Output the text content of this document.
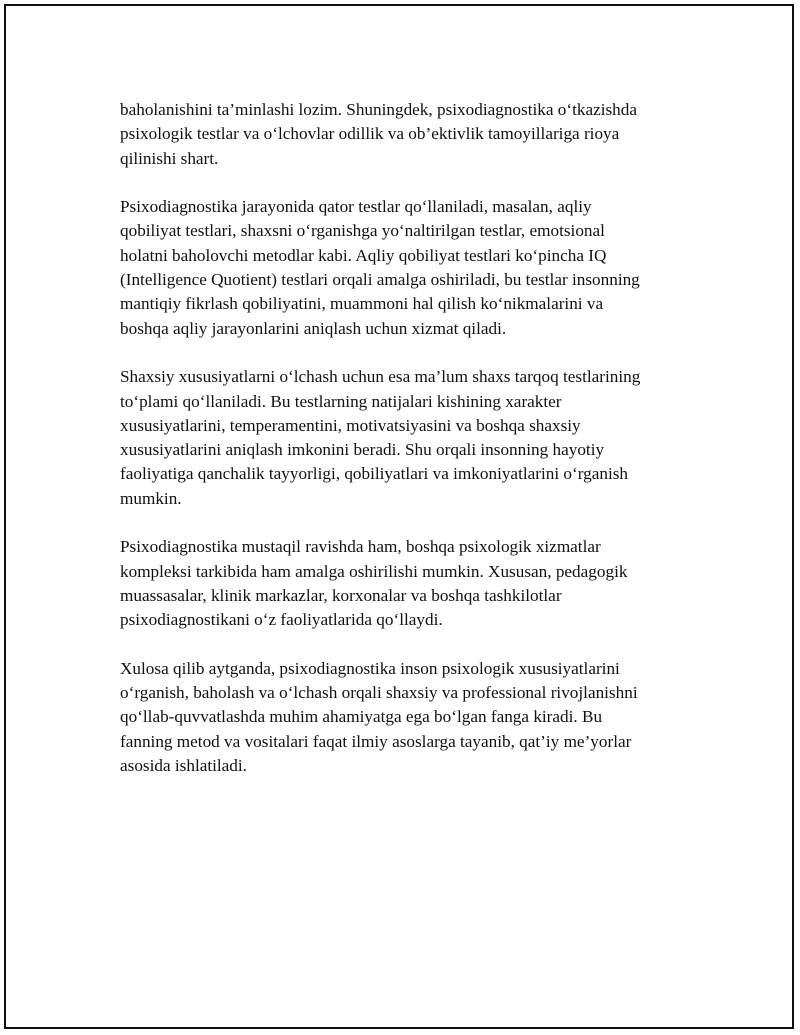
baholanishini ta’minlashi lozim. Shuningdek, psixodiagnostika o‘tkazishda
psixologik testlar va o‘lchovlar odillik va ob’ektivlik tamoyillariga rioya
qilinishi shart.

Psixodiagnostika jarayonida qator testlar qo‘llaniladi, masalan, aqliy
qobiliyat testlari, shaxsni o‘rganishga yo‘naltirilgan testlar, emotsional
holatni baholovchi metodlar kabi. Aqliy qobiliyat testlari ko‘pincha IQ
(Intelligence Quotient) testlari orqali amalga oshiriladi, bu testlar insonning
mantiqiy fikrlash qobiliyatini, muammoni hal qilish ko‘nikmalarini va
boshqa aqliy jarayonlarini aniqlash uchun xizmat qiladi.

Shaxsiy xususiyatlarni o‘lchash uchun esa ma’lum shaxs tarqoq testlarining
to‘plami qo‘llaniladi. Bu testlarning natijalari kishining xarakter
xususiyatlarini, temperamentini, motivatsiyasini va boshqa shaxsiy
xususiyatlarini aniqlash imkonini beradi. Shu orqali insonning hayotiy
faoliyatiga qanchalik tayyorligi, qobiliyatlari va imkoniyatlarini o‘rganish
mumkin.

Psixodiagnostika mustaqil ravishda ham, boshqa psixologik xizmatlar
kompleksi tarkibida ham amalga oshirilishi mumkin. Xususan, pedagogik
muassasalar, klinik markazlar, korxonalar va boshqa tashkilotlar
psixodiagnostikani o‘z faoliyatlarida qo‘llaydi.

Xulosa qilib aytganda, psixodiagnostika inson psixologik xususiyatlarini
o‘rganish, baholash va o‘lchash orqali shaxsiy va professional rivojlanishni
qo‘llab-quvvatlashda muhim ahamiyatga ega bo‘lgan fanga kiradi. Bu
fanning metod va vositalari faqat ilmiy asoslarga tayanib, qat’iy me’yorlar
asosida ishlatiladi.
